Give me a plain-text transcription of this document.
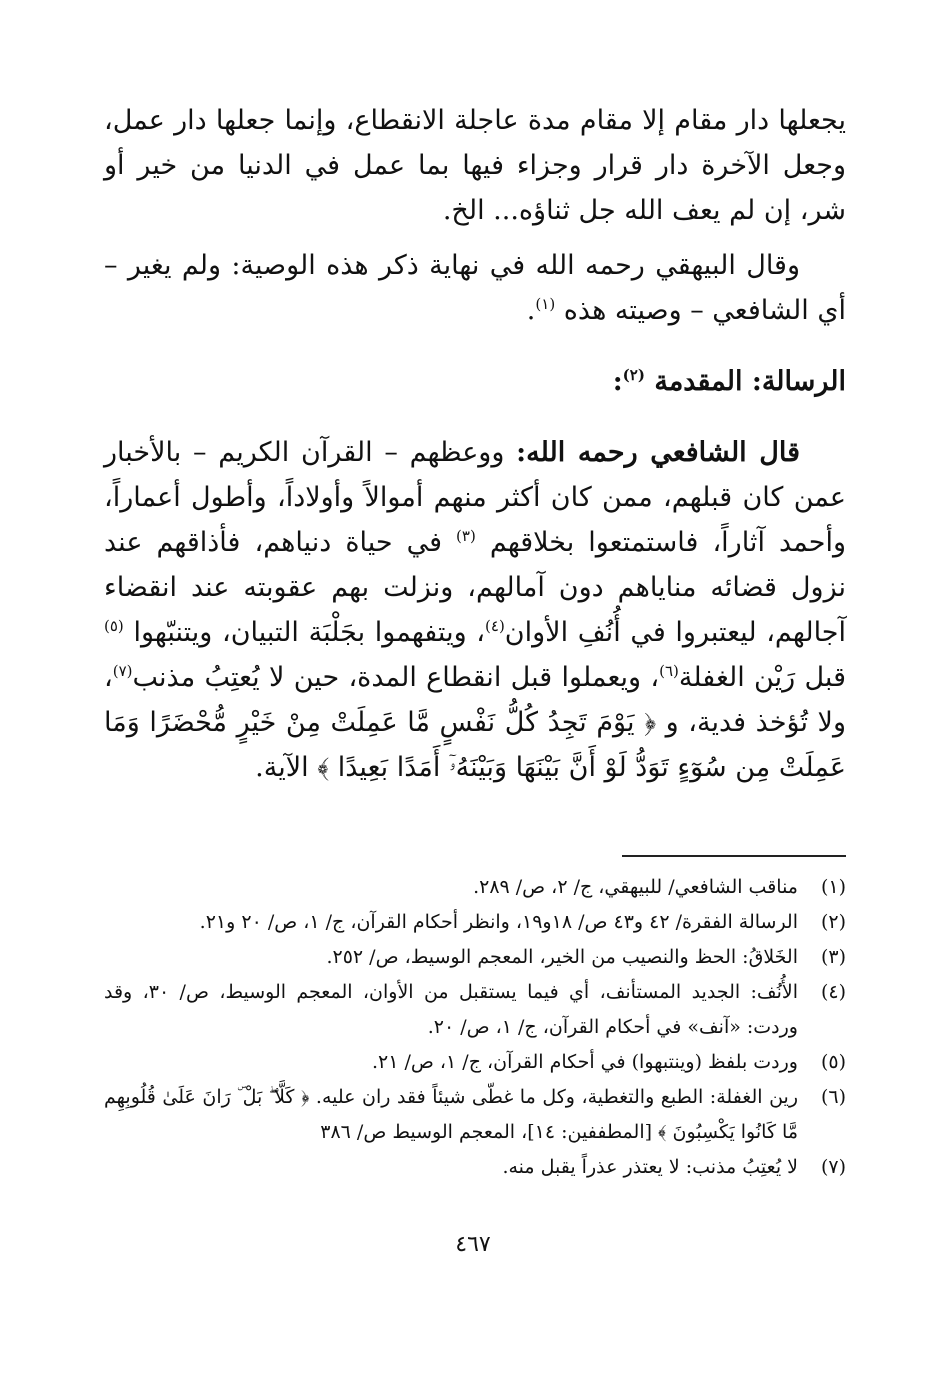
يجعلها دار مقام إلا مقام مدة عاجلة الانقطاع، وإنما جعلها دار عمل، وجعل الآخرة دار قرار وجزاء فيها بما عمل في الدنيا من خير أو شر، إن لم يعف الله جل ثناؤه... الخ.

وقال البيهقي رحمه الله في نهاية ذكر هذه الوصية: ولم يغير – أي الشافعي – وصيته هذه $^{(١)}$.

الرسالة: المقدمة $^{(٢)}$:

قال الشافعي رحمه الله: ووعظهم – القرآن الكريم – بالأخبار عمن كان قبلهم، ممن كان أكثر منهم أموالاً وأولاداً، وأطول أعماراً، وأحمد آثاراً، فاستمتعوا بخلاقهم $^{(٣)}$ في حياة دنياهم، فأذاقهم عند نزول قضائه مناياهم دون آمالهم، ونزلت بهم عقوبته عند انقضاء آجالهم، ليعتبروا في أُنُفِ الأوان$^{(٤)}$، ويتفهموا بجَلْبَة التبيان، ويتنبّهوا $^{(٥)}$ قبل رَيْن الغفلة$^{(٦)}$، ويعملوا قبل انقطاع المدة، حين لا يُعتِبُ مذنب$^{(٧)}$، ولا تُؤخذ فدية، و ﴿ يَوْمَ تَجِدُ كُلُّ نَفْسٍ مَّا عَمِلَتْ مِنْ خَيْرٍ مُّحْضَرًا وَمَا عَمِلَتْ مِن سُوٓءٍ تَوَدُّ لَوْ أَنَّ بَيْنَهَا وَبَيْنَهُۥٓ أَمَدًا بَعِيدًا ﴾ الآية.

(١)
مناقب الشافعي/ للبيهقي، ج/ ٢، ص/ ٢٨٩.
(٢)
الرسالة الفقرة/ ٤٢ و٤٣ ص/ ١٨و١٩، وانظر أحكام القرآن، ج/ ١، ص/ ٢٠ و٢١.
(٣)
الخَلاقُ: الحظ والنصيب من الخير، المعجم الوسيط، ص/ ٢٥٢.
(٤)
الأُنُف: الجديد المستأنف، أي فيما يستقبل من الأوان، المعجم الوسيط، ص/ ٣٠، وقد وردت: «آنف» في أحكام القرآن، ج/ ١، ص/ ٢٠.
(٥)
وردت بلفظ (وينتبهوا) في أحكام القرآن، ج/ ١، ص/ ٢١.
(٦)
رين الغفلة: الطبع والتغطية، وكل ما غطّى شيئاً فقد ران عليه. ﴿ كَلَّا ۖ بَلْ ۜ رَانَ عَلَىٰ قُلُوبِهِم مَّا كَانُوا يَكْسِبُونَ ﴾ [المطففين: ١٤]، المعجم الوسيط ص/ ٣٨٦
(٧)
لا يُعتِبُ مذنب: لا يعتذر عذراً يقبل منه.
٤٦٧
